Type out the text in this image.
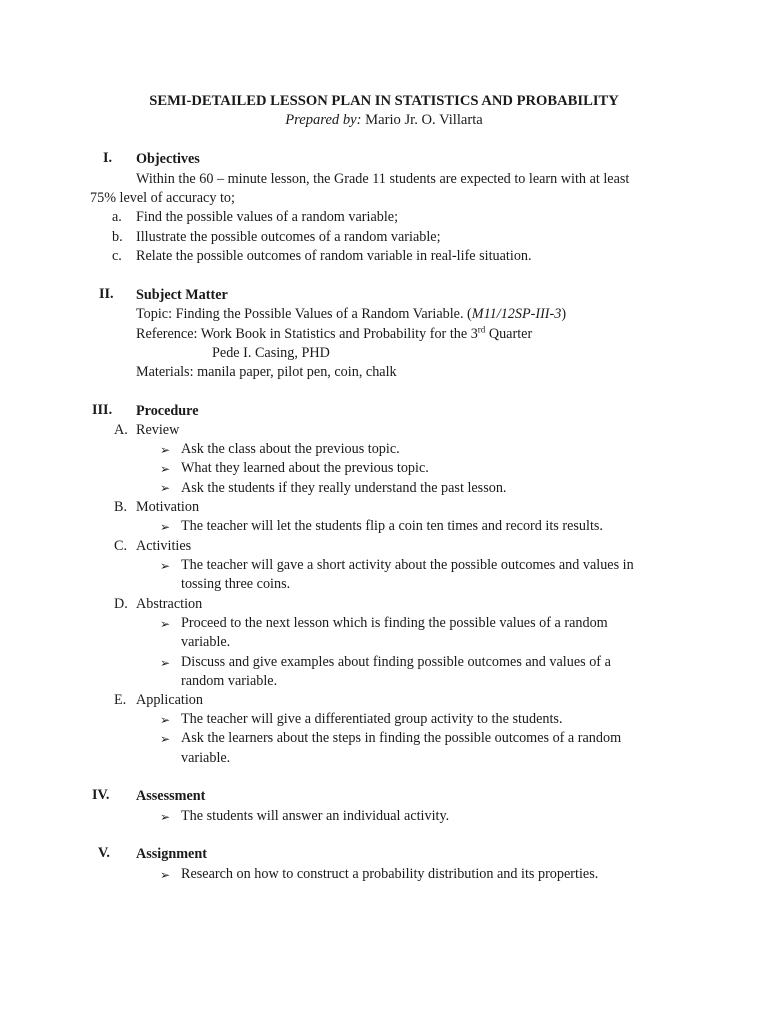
SEMI-DETAILED LESSON PLAN IN STATISTICS AND PROBABILITY
Prepared by: Mario Jr. O. Villarta
I. Objectives
Within the 60 – minute lesson, the Grade 11 students are expected to learn with at least
75% level of accuracy to;
a. Find the possible values of a random variable;
b. Illustrate the possible outcomes of a random variable;
c. Relate the possible outcomes of random variable in real-life situation.
II. Subject Matter
Topic: Finding the Possible Values of a Random Variable. (M11/12SP-III-3)
Reference: Work Book in Statistics and Probability for the 3rd Quarter
Pede I. Casing, PHD
Materials: manila paper, pilot pen, coin, chalk
III. Procedure
A. Review
➢ Ask the class about the previous topic.
➢ What they learned about the previous topic.
➢ Ask the students if they really understand the past lesson.
B. Motivation
➢ The teacher will let the students flip a coin ten times and record its results.
C. Activities
➢ The teacher will gave a short activity about the possible outcomes and values in
tossing three coins.
D. Abstraction
➢ Proceed to the next lesson which is finding the possible values of a random
variable.
➢ Discuss and give examples about finding possible outcomes and values of a
random variable.
E. Application
➢ The teacher will give a differentiated group activity to the students.
➢ Ask the learners about the steps in finding the possible outcomes of a random
variable.
IV. Assessment
➢ The students will answer an individual activity.
V. Assignment
➢ Research on how to construct a probability distribution and its properties.
